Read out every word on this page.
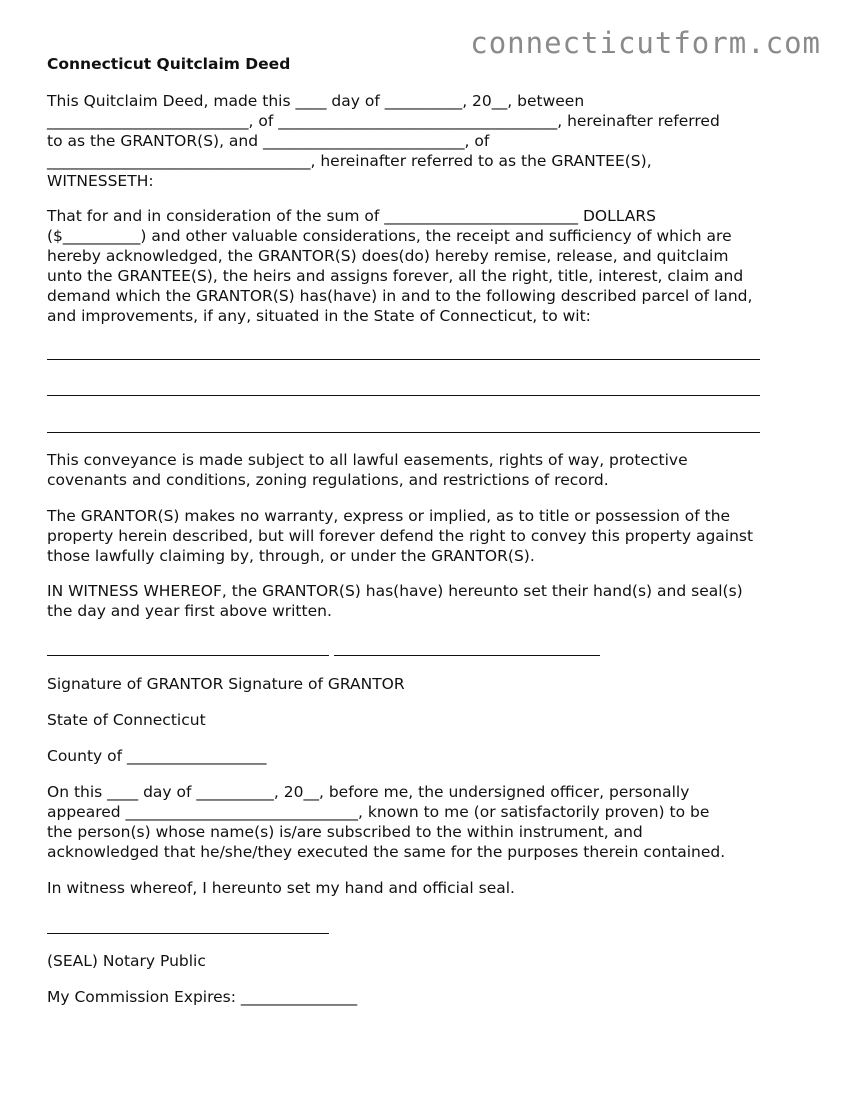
connecticutform.com
Connecticut Quitclaim Deed
This Quitclaim Deed, made this ____ day of __________, 20__, between
__________________________, of ____________________________________, hereinafter referred
to as the GRANTOR(S), and __________________________, of
__________________________________, hereinafter referred to as the GRANTEE(S),
WITNESSETH:
That for and in consideration of the sum of _________________________ DOLLARS
($__________) and other valuable considerations, the receipt and sufficiency of which are
hereby acknowledged, the GRANTOR(S) does(do) hereby remise, release, and quitclaim
unto the GRANTEE(S), the heirs and assigns forever, all the right, title, interest, claim and
demand which the GRANTOR(S) has(have) in and to the following described parcel of land,
and improvements, if any, situated in the State of Connecticut, to wit:
This conveyance is made subject to all lawful easements, rights of way, protective
covenants and conditions, zoning regulations, and restrictions of record.
The GRANTOR(S) makes no warranty, express or implied, as to title or possession of the
property herein described, but will forever defend the right to convey this property against
those lawfully claiming by, through, or under the GRANTOR(S).
IN WITNESS WHEREOF, the GRANTOR(S) has(have) hereunto set their hand(s) and seal(s)
the day and year first above written.
Signature of GRANTOR Signature of GRANTOR
State of Connecticut
County of __________________
On this ____ day of __________, 20__, before me, the undersigned officer, personally
appeared ______________________________, known to me (or satisfactorily proven) to be
the person(s) whose name(s) is/are subscribed to the within instrument, and
acknowledged that he/she/they executed the same for the purposes therein contained.
In witness whereof, I hereunto set my hand and official seal.
(SEAL) Notary Public
My Commission Expires: _______________
